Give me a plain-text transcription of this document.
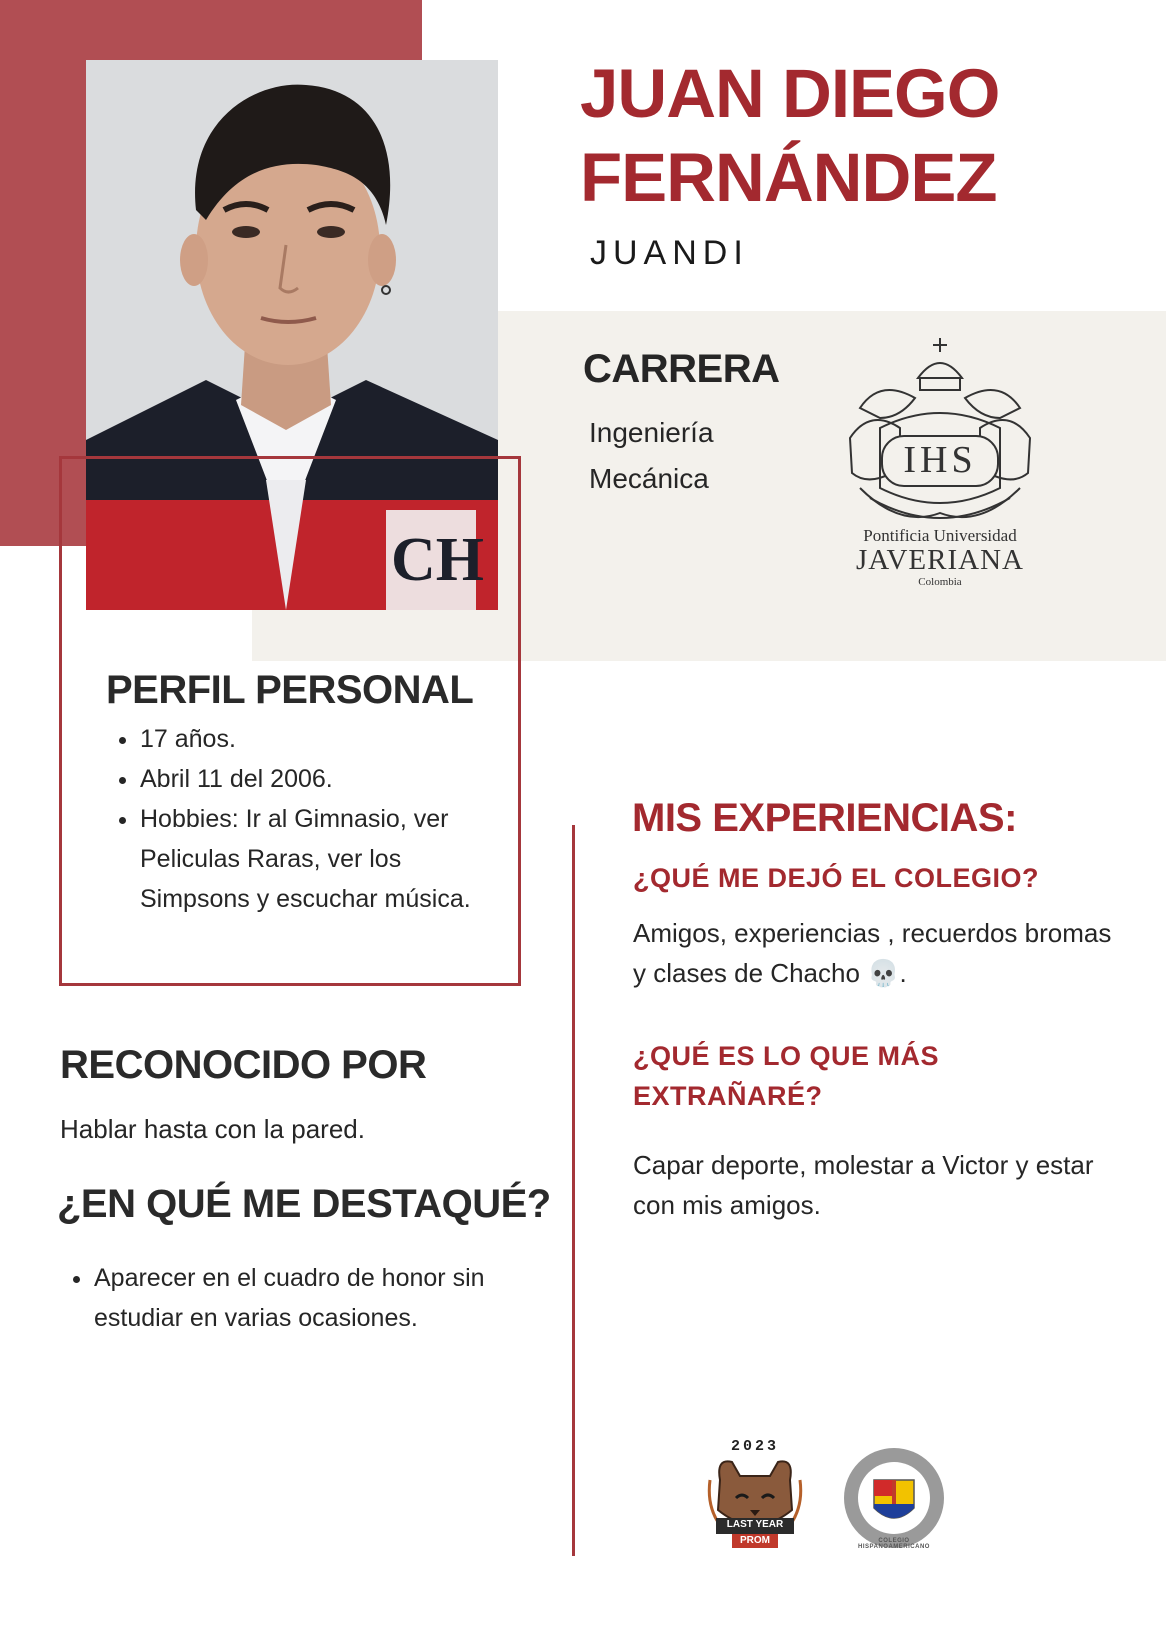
CH
JUAN DIEGO FERNÁNDEZ
JUANDI
CARRERA
Ingeniería Mecánica	IHS
Pontificia Universidad
JAVERIANA
Colombia
PERFIL PERSONAL
• 17 años.
• Abril 11 del 2006.
• Hobbies: Ir al Gimnasio, ver Peliculas Raras, ver los Simpsons y escuchar música.
RECONOCIDO POR
Hablar hasta con la pared.
¿EN QUÉ ME DESTAQUÉ?
• Aparecer en el cuadro de honor sin estudiar en varias ocasiones.
MIS EXPERIENCIAS:
¿QUÉ ME DEJÓ EL COLEGIO?
Amigos, experiencias , recuerdos bromas y clases de Chacho 💀.
¿QUÉ ES LO QUE MÁS EXTRAÑARÉ?
Capar deporte, molestar a Victor y estar con mis amigos.
2023
LAST YEAR
PROM	COLEGIO HISPANOAMERICANO
